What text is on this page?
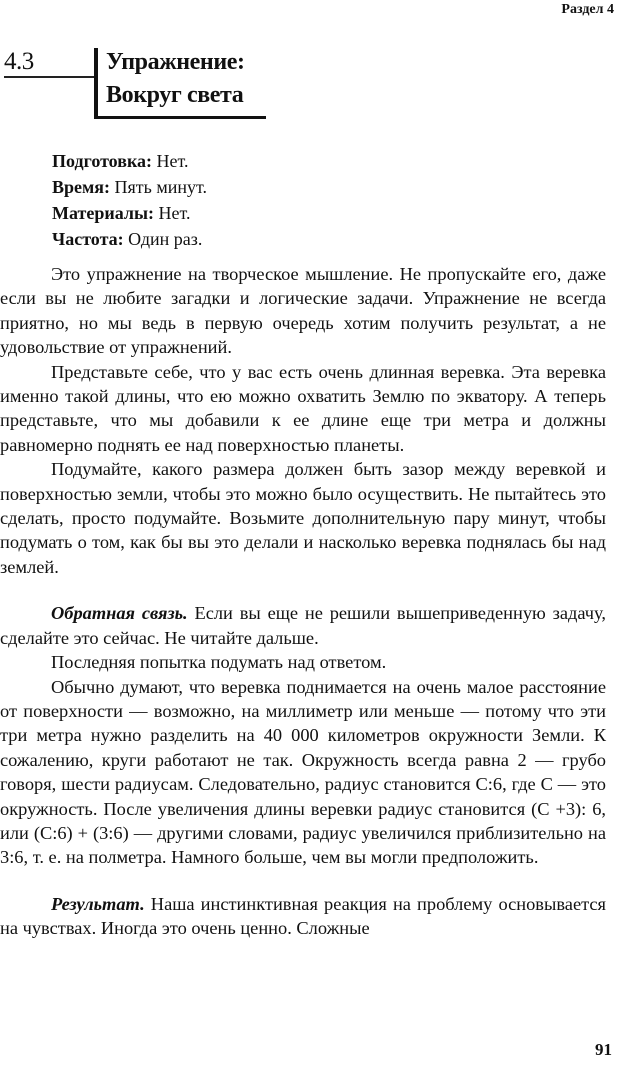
Раздел 4
4.3	Упражнение:
Вокруг света
Подготовка: Нет.
Время: Пять минут.
Материалы: Нет.
Частота: Один раз.

Это упражнение на творческое мышление. Не пропускайте его, даже если вы не любите загадки и логические задачи. Упражнение не всегда приятно, но мы ведь в первую очередь хотим получить результат, а не удовольствие от упражнений.

Представьте себе, что у вас есть очень длинная веревка. Эта веревка именно такой длины, что ею можно охватить Землю по экватору. А теперь представьте, что мы добавили к ее длине еще три метра и должны равномерно поднять ее над поверхностью планеты.

Подумайте, какого размера должен быть зазор между веревкой и поверхностью земли, чтобы это можно было осуществить. Не пытайтесь это сделать, просто подумайте. Возьмите дополнительную пару минут, чтобы подумать о том, как бы вы это делали и насколько веревка поднялась бы над землей.

Обратная связь. Если вы еще не решили вышеприведенную задачу, сделайте это сейчас. Не читайте дальше.

Последняя попытка подумать над ответом.

Обычно думают, что веревка поднимается на очень малое расстояние от поверхности — возможно, на миллиметр или меньше — потому что эти три метра нужно разделить на 40 000 километров окружности Земли. К сожалению, круги работают не так. Окружность всегда равна 2 — грубо говоря, шести радиусам. Следовательно, радиус становится С:6, где С — это окружность. После увеличения длины веревки радиус становится (С +3): 6, или (С:6) + (3:6) — другими словами, радиус увеличился приблизительно на 3:6, т. е. на полметра. Намного больше, чем вы могли предположить.

Результат. Наша инстинктивная реакция на проблему основывается на чувствах. Иногда это очень ценно. Сложные

91
